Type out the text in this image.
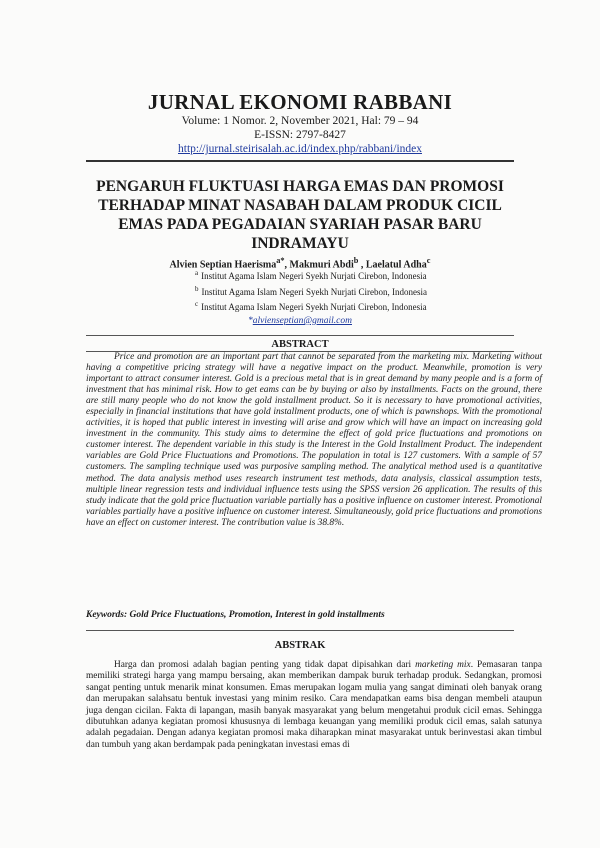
JURNAL EKONOMI RABBANI
Volume: 1 Nomor. 2, November 2021, Hal: 79 – 94
E-ISSN: 2797-8427
http://jurnal.steirisalah.ac.id/index.php/rabbani/index
PENGARUH FLUKTUASI HARGA EMAS DAN PROMOSI TERHADAP MINAT NASABAH DALAM PRODUK CICIL EMAS PADA PEGADAIAN SYARIAH PASAR BARU INDRAMAYU
Alvien Septian Haerisma$^{a*}$, Makmuri Abdi$^b$ , Laelatul Adha$^c$
$^a$ Institut Agama Islam Negeri Syekh Nurjati Cirebon, Indonesia
$^b$ Institut Agama Islam Negeri Syekh Nurjati Cirebon, Indonesia
$^c$ Institut Agama Islam Negeri Syekh Nurjati Cirebon, Indonesia
*alvienseptian@gmail.com
ABSTRACT
Price and promotion are an important part that cannot be separated from the marketing mix. Marketing without having a competitive pricing strategy will have a negative impact on the product. Meanwhile, promotion is very important to attract consumer interest. Gold is a precious metal that is in great demand by many people and is a form of investment that has minimal risk. How to get eams can be by buying or also by installments. Facts on the ground, there are still many people who do not know the gold installment product. So it is necessary to have promotional activities, especially in financial institutions that have gold installment products, one of which is pawnshops. With the promotional activities, it is hoped that public interest in investing will arise and grow which will have an impact on increasing gold investment in the community. This study aims to determine the effect of gold price fluctuations and promotions on customer interest. The dependent variable in this study is the Interest in the Gold Installment Product. The independent variables are Gold Price Fluctuations and Promotions. The population in total is 127 customers. With a sample of 57 customers. The sampling technique used was purposive sampling method. The analytical method used is a quantitative method. The data analysis method uses research instrument test methods, data analysis, classical assumption tests, multiple linear regression tests and individual influence tests using the SPSS version 26 application. The results of this study indicate that the gold price fluctuation variable partially has a positive influence on customer interest. Promotional variables partially have a positive influence on customer interest. Simultaneously, gold price fluctuations and promotions have an effect on customer interest. The contribution value is 38.8%.
Keywords: Gold Price Fluctuations, Promotion, Interest in gold installments
ABSTRAK
Harga dan promosi adalah bagian penting yang tidak dapat dipisahkan dari marketing mix. Pemasaran tanpa memiliki strategi harga yang mampu bersaing, akan memberikan dampak buruk terhadap produk. Sedangkan, promosi sangat penting untuk menarik minat konsumen. Emas merupakan logam mulia yang sangat diminati oleh banyak orang dan merupakan salahsatu bentuk investasi yang minim resiko. Cara mendapatkan eams bisa dengan membeli ataupun juga dengan cicilan. Fakta di lapangan, masih banyak masyarakat yang belum mengetahui produk cicil emas. Sehingga dibutuhkan adanya kegiatan promosi khususnya di lembaga keuangan yang memiliki produk cicil emas, salah satunya adalah pegadaian. Dengan adanya kegiatan promosi maka diharapkan minat masyarakat untuk berinvestasi akan timbul dan tumbuh yang akan berdampak pada peningkatan investasi emas di
